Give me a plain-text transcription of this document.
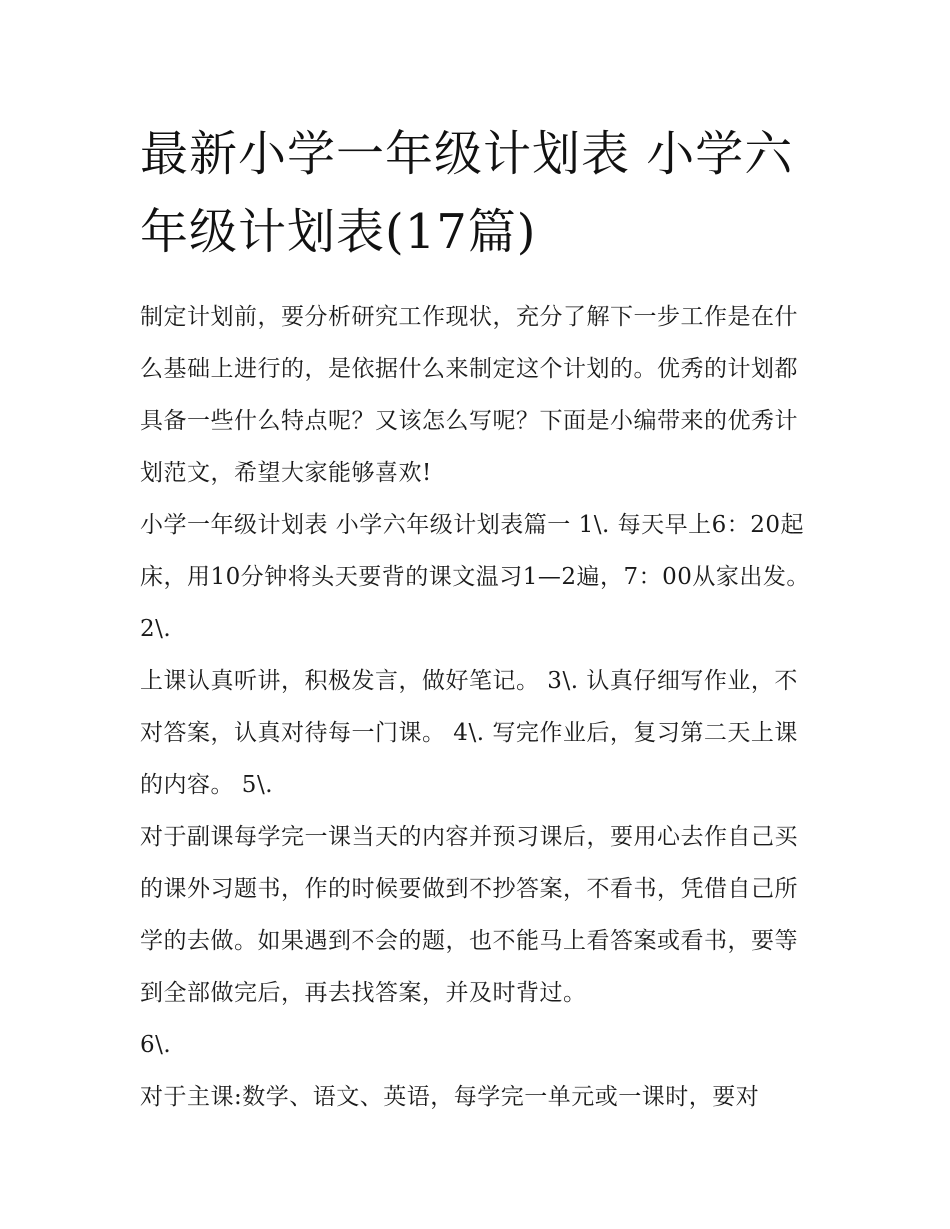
最新小学一年级计划表 小学六年级计划表(17篇)

制定计划前，要分析研究工作现状，充分了解下一步工作是在什么基础上进行的，是依据什么来制定这个计划的。优秀的计划都具备一些什么特点呢？又该怎么写呢？下面是小编带来的优秀计划范文，希望大家能够喜欢!

小学一年级计划表 小学六年级计划表篇一 1\. 每天早上6：20起床，用10分钟将头天要背的课文温习1—2遍，7：00从家出发。 2\.

上课认真听讲，积极发言，做好笔记。 3\. 认真仔细写作业，不对答案，认真对待每一门课。 4\. 写完作业后，复习第二天上课的内容。 5\.

对于副课每学完一课当天的内容并预习课后，要用心去作自己买的课外习题书，作的时候要做到不抄答案，不看书，凭借自己所学的去做。如果遇到不会的题，也不能马上看答案或看书，要等到全部做完后，再去找答案，并及时背过。

6\.

对于主课:数学、语文、英语，每学完一单元或一课时，要对
